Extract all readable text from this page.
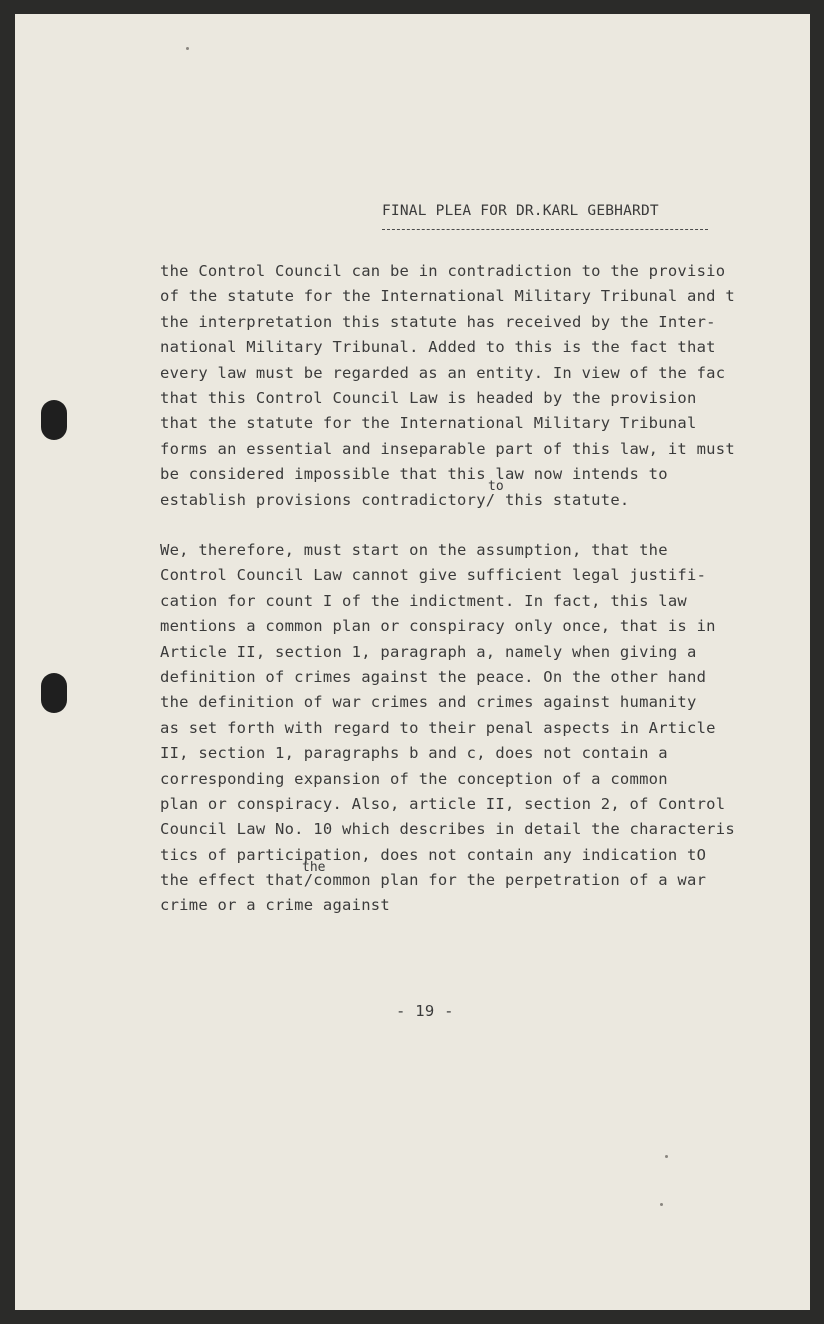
FINAL PLEA FOR DR.KARL GEBHARDT
the Control Council can be in contradiction to the provisio
of the statute for the International Military Tribunal and t
the interpretation this statute has received by the Inter-
national Military Tribunal. Added to this is the fact that
every law must be regarded as an entity. In view of the fac
that this Control Council Law is headed by the provision
that the statute for the International Military Tribunal
forms an essential and inseparable part of this law, it must
be considered impossible that this law now intends to
establish provisions contradictory/ this statute.
to
We, therefore, must start on the assumption, that the
Control Council Law cannot give sufficient legal justifi-
cation for count I of the indictment. In fact, this law
mentions a common plan or conspiracy only once, that is in
Article II, section 1, paragraph a, namely when giving a
definition of crimes against the peace. On the other hand
the definition of war crimes and crimes against humanity
as set forth with regard to their penal aspects in Article
II, section 1, paragraphs b and c, does not contain a
corresponding expansion of the conception of a common
plan or conspiracy. Also, article II, section 2, of Control
Council Law No. 10 which describes in detail the characteris
tics of participation, does not contain any indication tO
the effect that/common plan for the perpetration of a war
crime or a crime against
the
- 19 -
